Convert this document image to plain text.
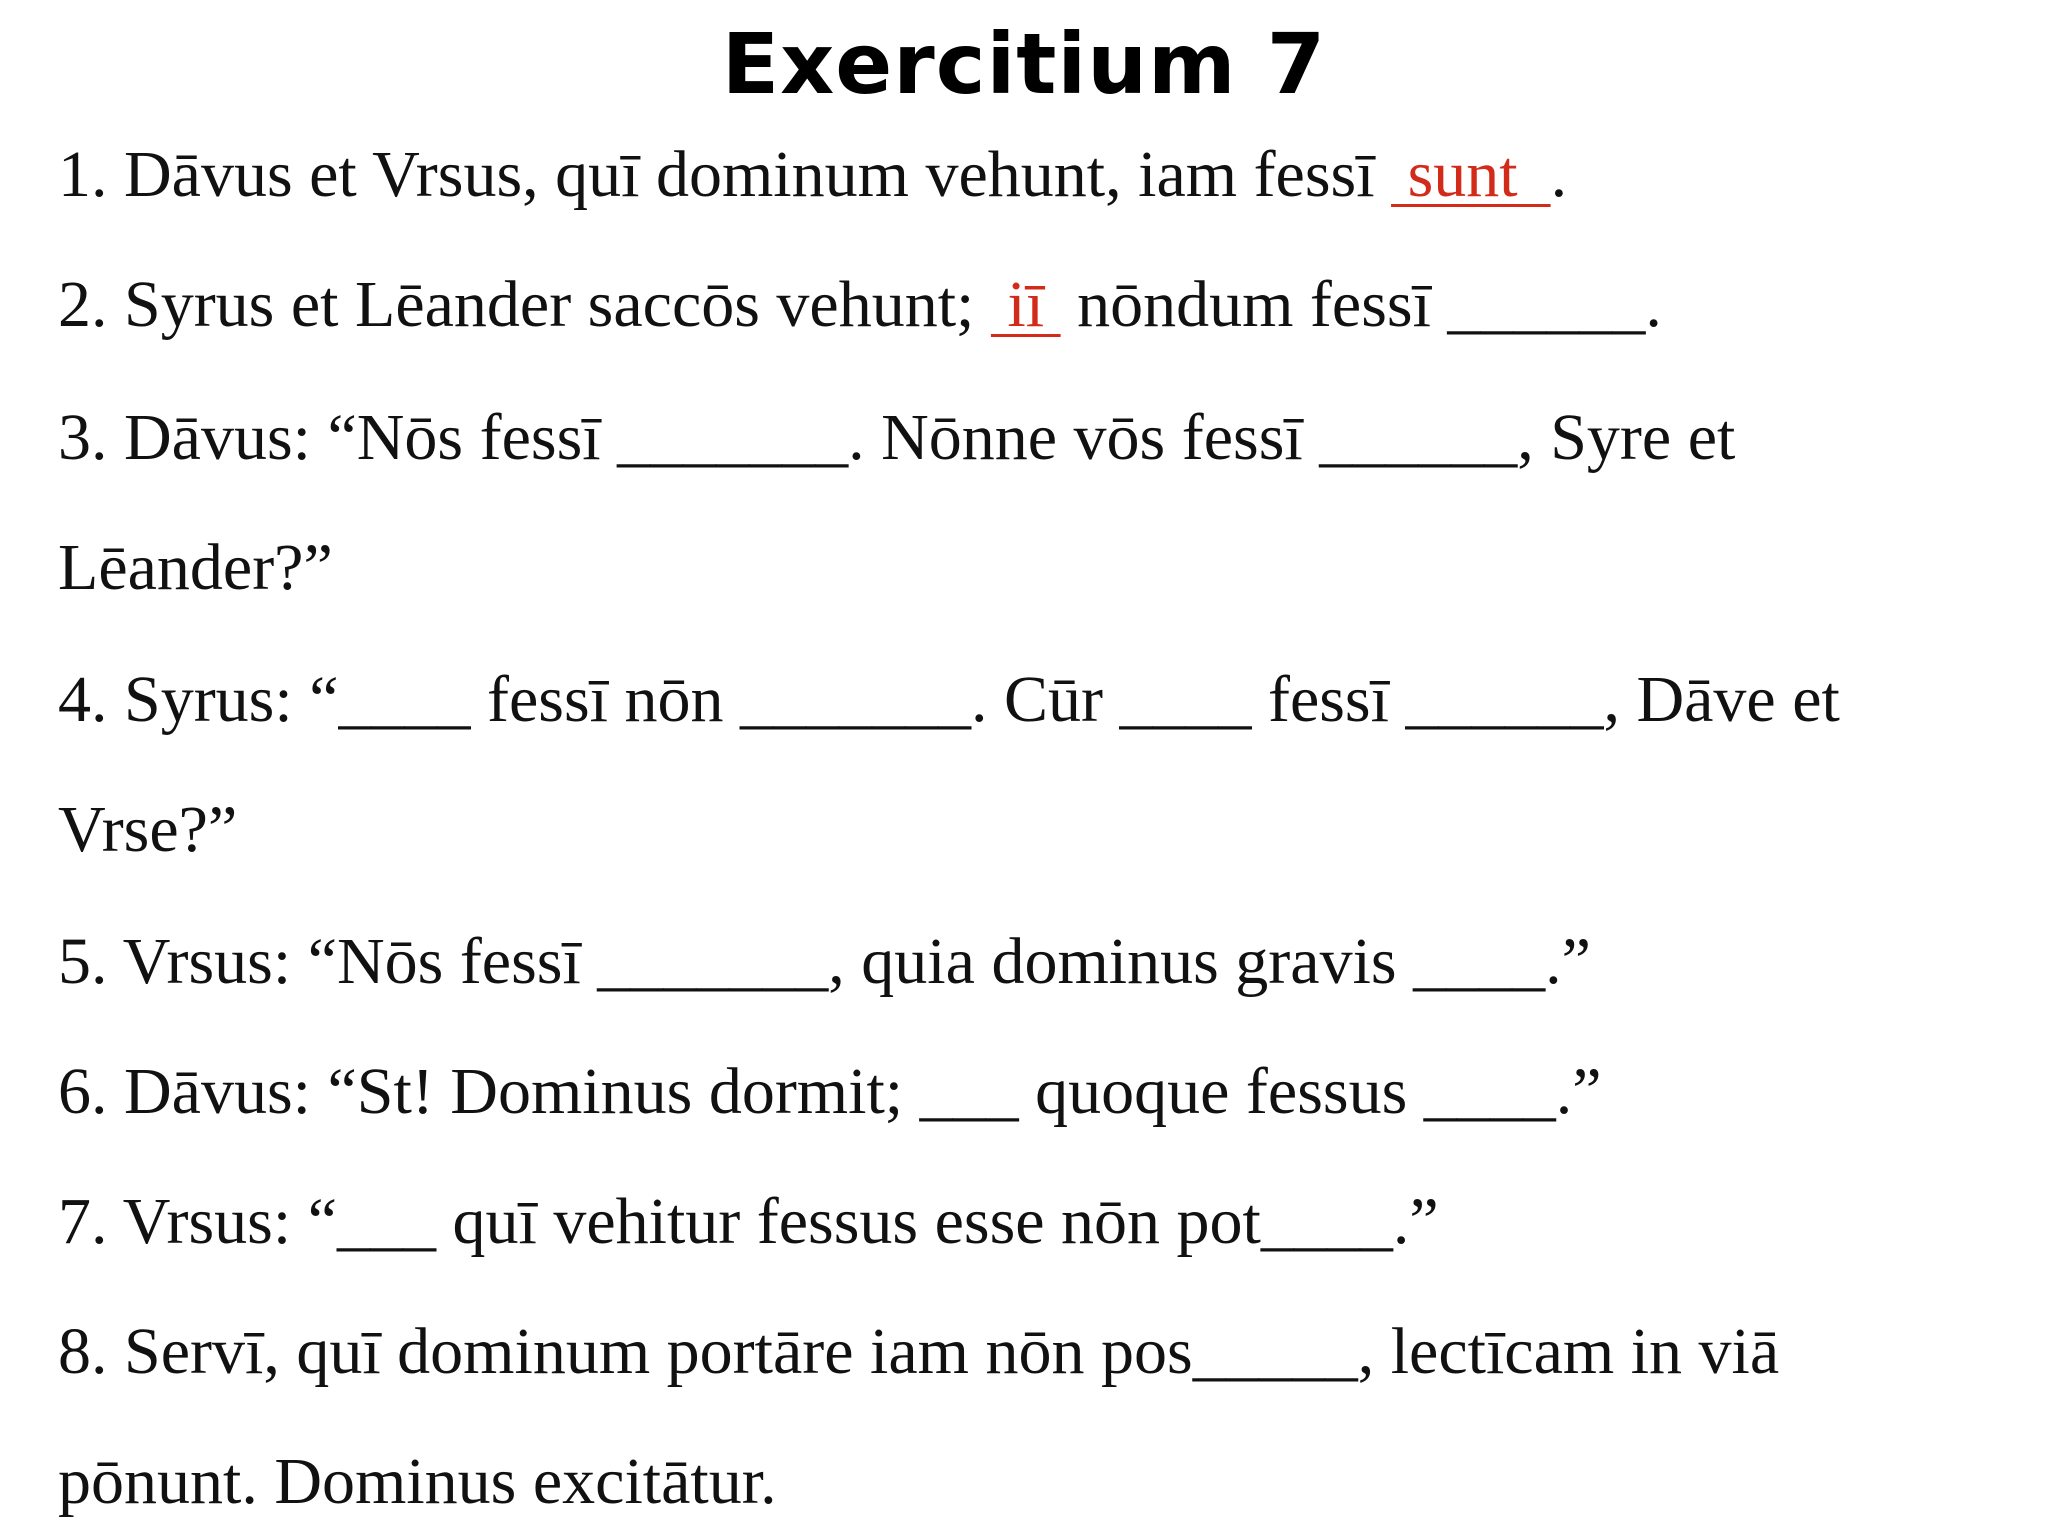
Exercitium 7
1. Dāvus et Vrsus, quī dominum vehunt, iam fessī  sunt  .
2. Syrus et Lēander saccōs vehunt;  iī  nōndum fessī ______.
3. Dāvus: “Nōs fessī _______. Nōnne vōs fessī ______, Syre et
Lēander?”
4. Syrus: “____ fessī nōn _______. Cūr ____ fessī ______, Dāve et
Vrse?”
5. Vrsus: “Nōs fessī _______, quia dominus gravis ____.”
6. Dāvus: “St! Dominus dormit; ___ quoque fessus ____.”
7. Vrsus: “___ quī vehitur fessus esse nōn pot____.”
8. Servī, quī dominum portāre iam nōn pos_____, lectīcam in viā
pōnunt. Dominus excitātur.
